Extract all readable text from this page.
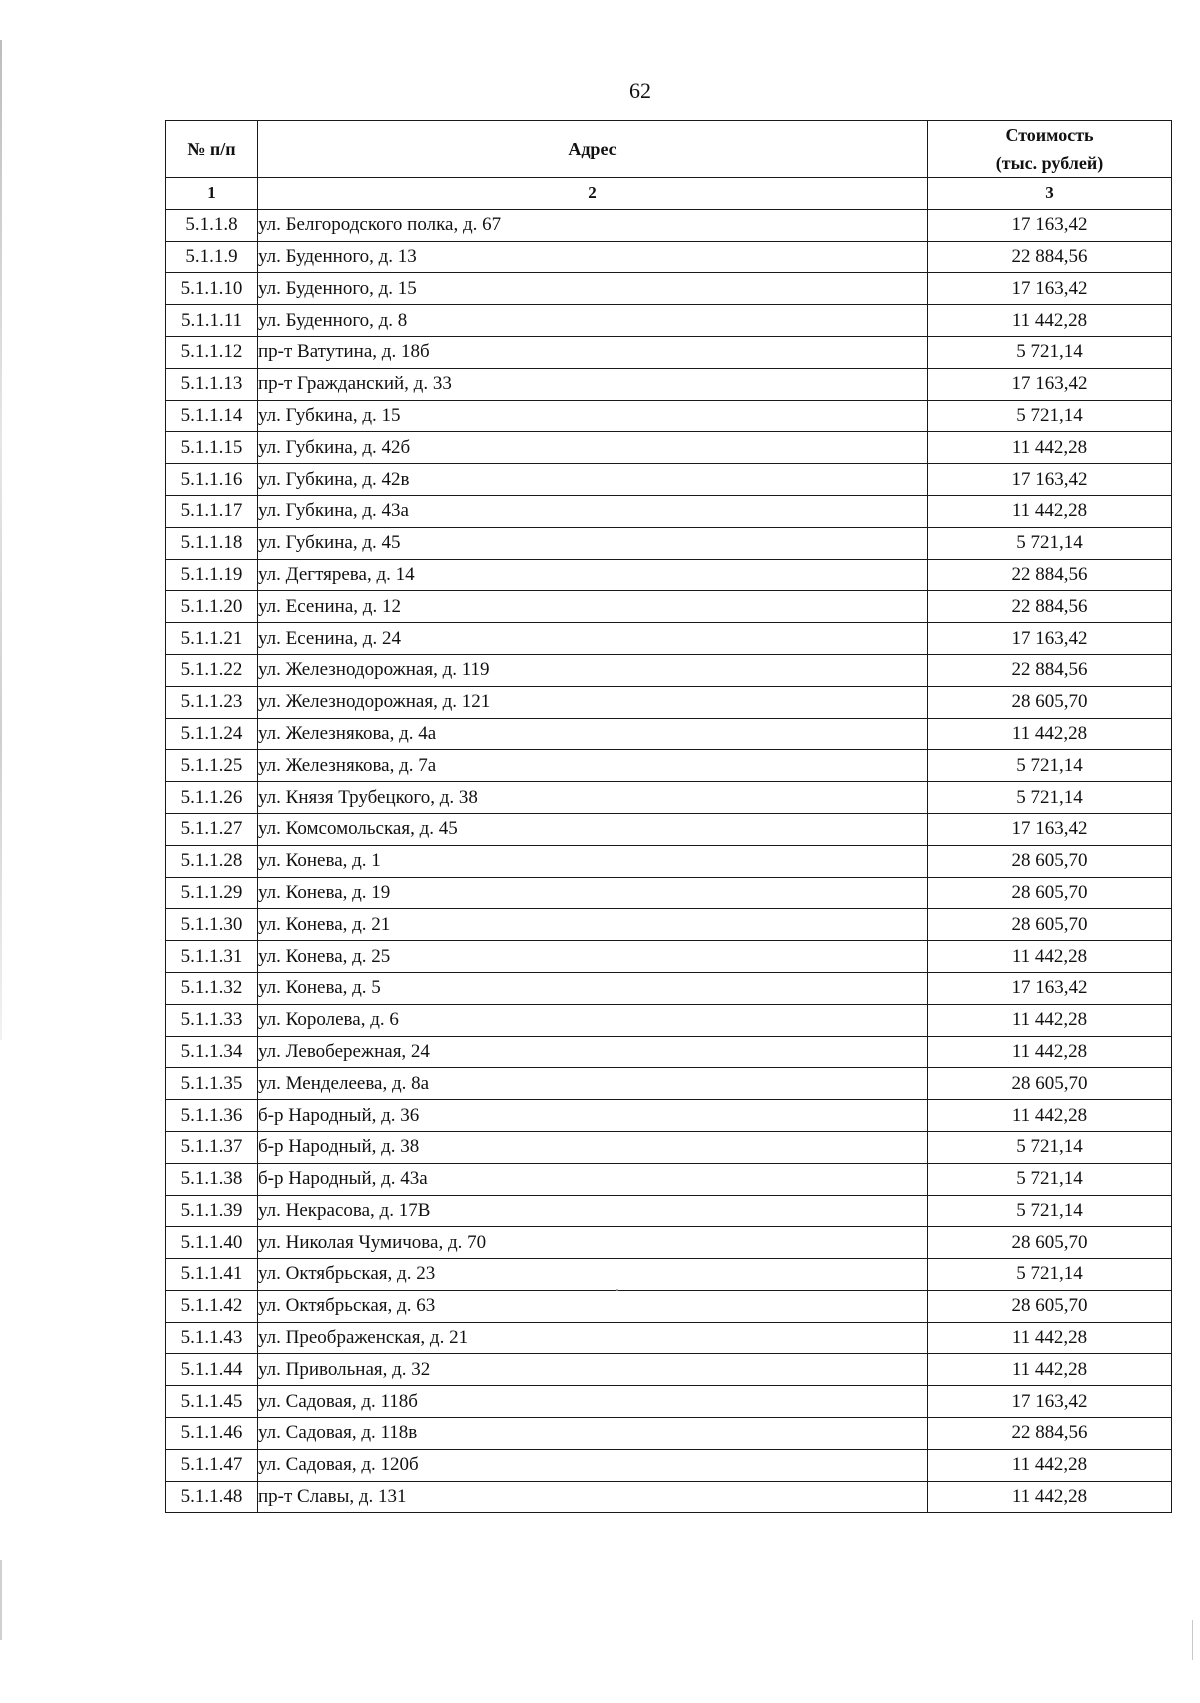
62
№ п/п	Адрес	Стоимость
(тыс. рублей)
1	2	3
5.1.1.8	ул. Белгородского полка, д. 67	17 163,42
5.1.1.9	ул. Буденного, д. 13	22 884,56
5.1.1.10	ул. Буденного, д. 15	17 163,42
5.1.1.11	ул. Буденного, д. 8	11 442,28
5.1.1.12	пр-т Ватутина, д. 18б	5 721,14
5.1.1.13	пр-т Гражданский, д. 33	17 163,42
5.1.1.14	ул. Губкина, д. 15	5 721,14
5.1.1.15	ул. Губкина, д. 42б	11 442,28
5.1.1.16	ул. Губкина, д. 42в	17 163,42
5.1.1.17	ул. Губкина, д. 43а	11 442,28
5.1.1.18	ул. Губкина, д. 45	5 721,14
5.1.1.19	ул. Дегтярева, д. 14	22 884,56
5.1.1.20	ул. Есенина, д. 12	22 884,56
5.1.1.21	ул. Есенина, д. 24	17 163,42
5.1.1.22	ул. Железнодорожная, д. 119	22 884,56
5.1.1.23	ул. Железнодорожная, д. 121	28 605,70
5.1.1.24	ул. Железнякова, д. 4а	11 442,28
5.1.1.25	ул. Железнякова, д. 7а	5 721,14
5.1.1.26	ул. Князя Трубецкого, д. 38	5 721,14
5.1.1.27	ул. Комсомольская, д. 45	17 163,42
5.1.1.28	ул. Конева, д. 1	28 605,70
5.1.1.29	ул. Конева, д. 19	28 605,70
5.1.1.30	ул. Конева, д. 21	28 605,70
5.1.1.31	ул. Конева, д. 25	11 442,28
5.1.1.32	ул. Конева, д. 5	17 163,42
5.1.1.33	ул. Королева, д. 6	11 442,28
5.1.1.34	ул. Левобережная, 24	11 442,28
5.1.1.35	ул. Менделеева, д. 8а	28 605,70
5.1.1.36	б-р Народный, д. 36	11 442,28
5.1.1.37	б-р Народный, д. 38	5 721,14
5.1.1.38	б-р Народный, д. 43а	5 721,14
5.1.1.39	ул. Некрасова, д. 17В	5 721,14
5.1.1.40	ул. Николая Чумичова, д. 70	28 605,70
5.1.1.41	ул. Октябрьская, д. 23	5 721,14
5.1.1.42	ул. Октябрьская, д. 63	28 605,70
5.1.1.43	ул. Преображенская, д. 21	11 442,28
5.1.1.44	ул. Привольная, д. 32	11 442,28
5.1.1.45	ул. Садовая, д. 118б	17 163,42
5.1.1.46	ул. Садовая, д. 118в	22 884,56
5.1.1.47	ул. Садовая, д. 120б	11 442,28
5.1.1.48	пр-т Славы, д. 131	11 442,28
